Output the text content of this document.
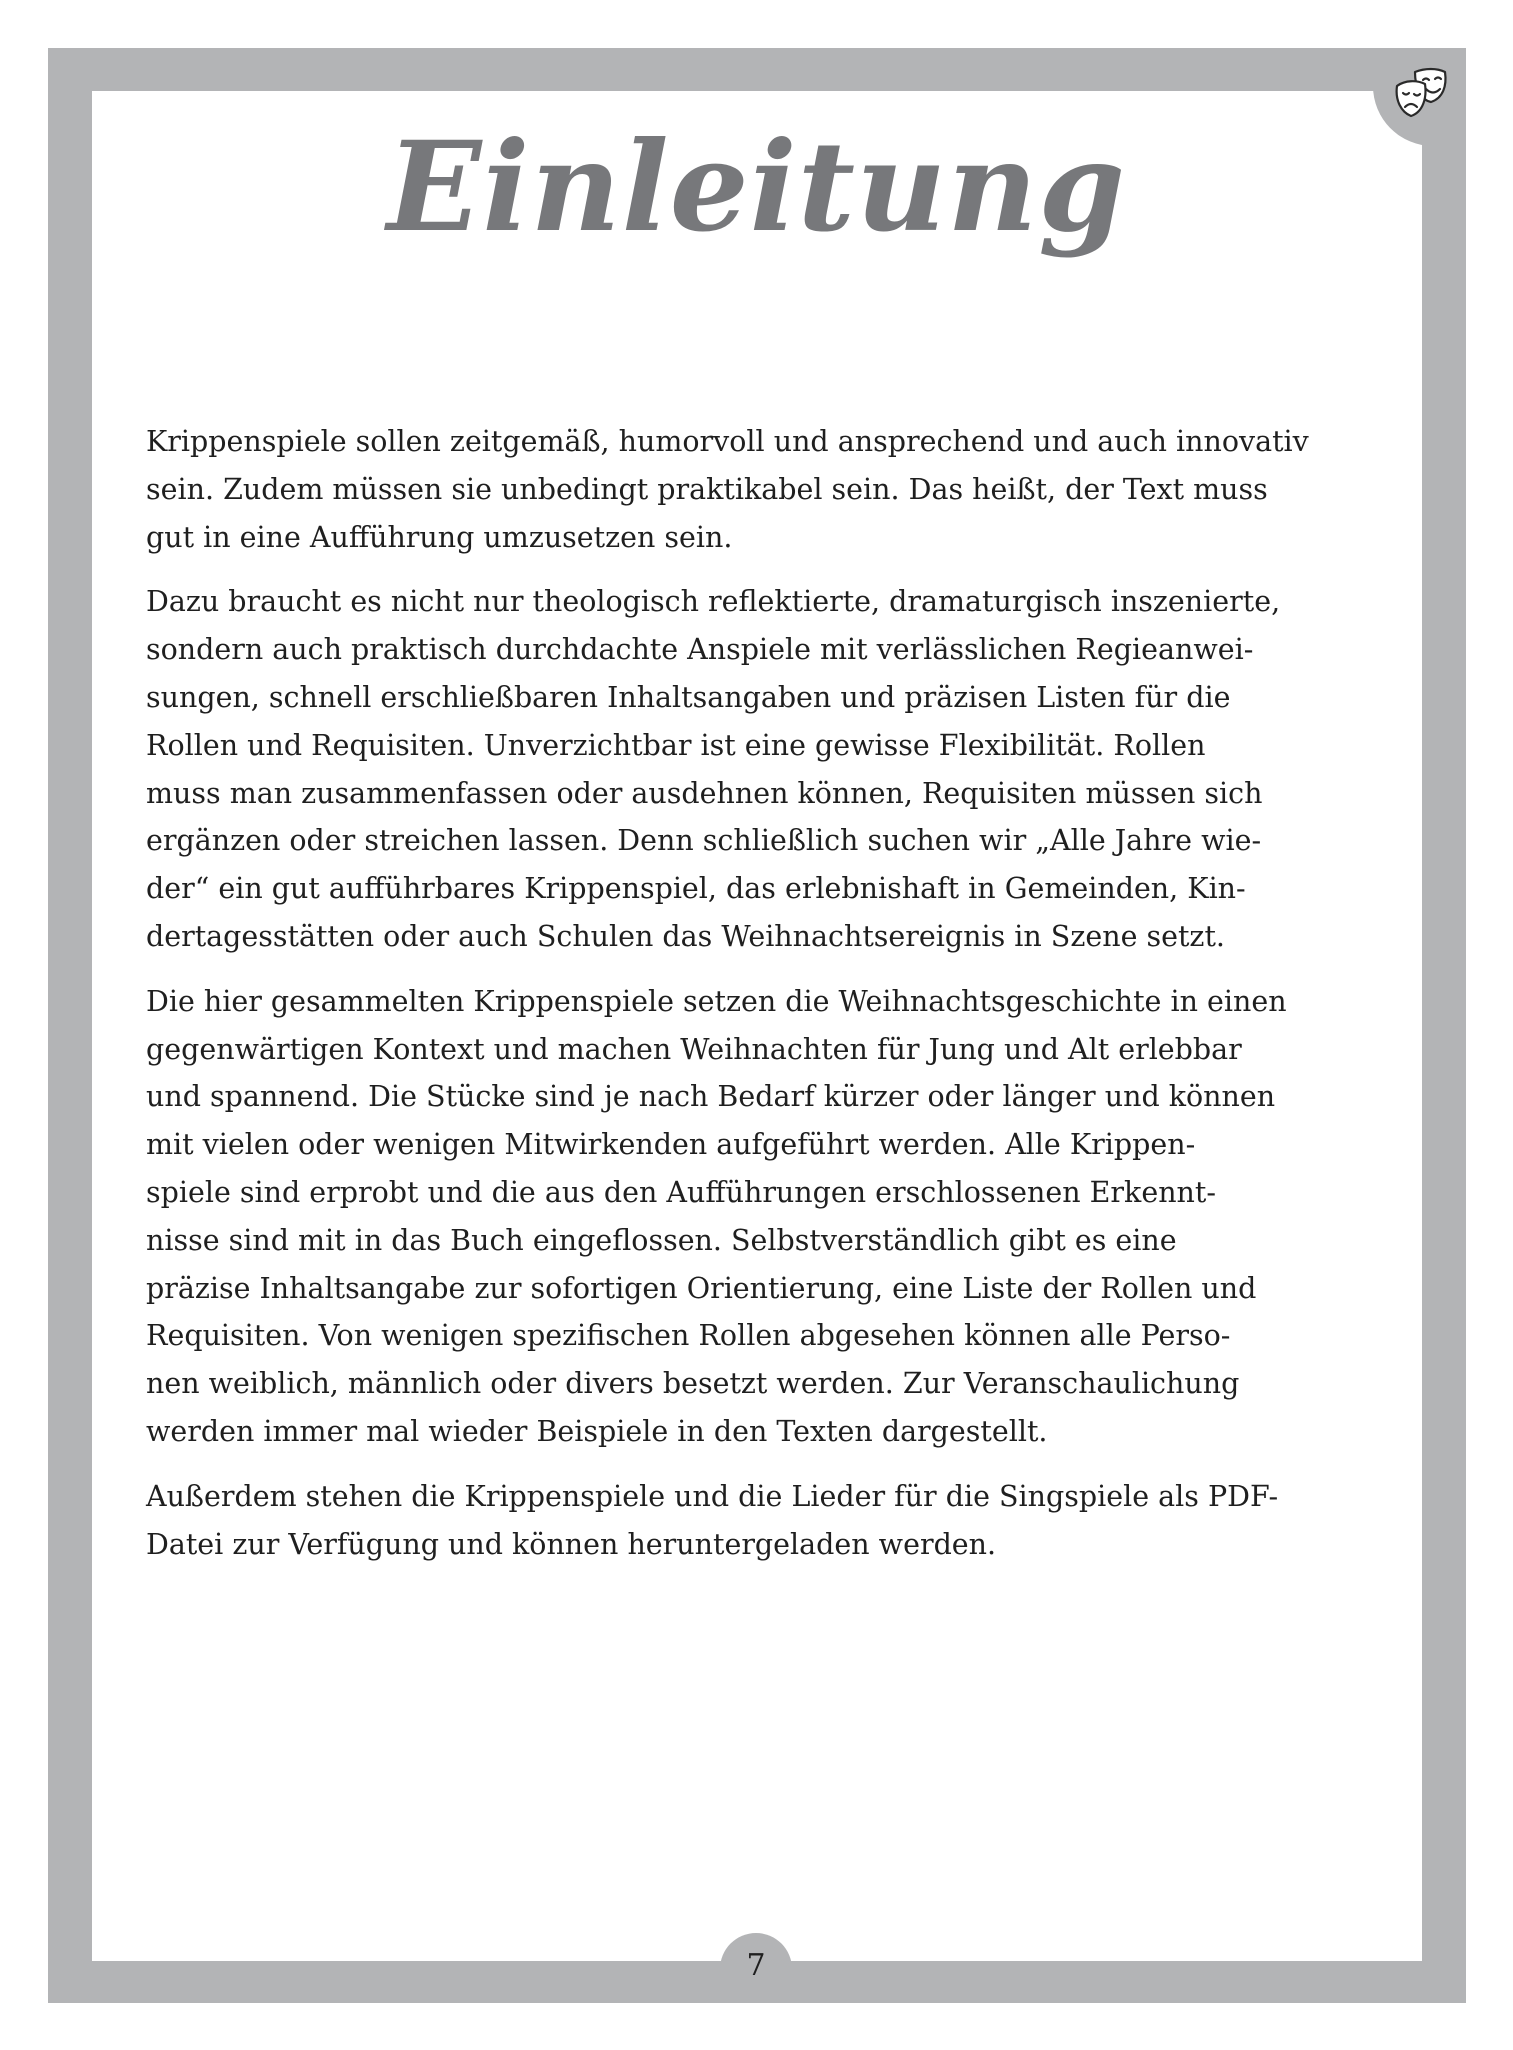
Einleitung

Krippenspiele sollen zeitgemäß, humorvoll und ansprechend und auch innovativ
sein. Zudem müssen sie unbedingt praktikabel sein. Das heißt, der Text muss
gut in eine Aufführung umzusetzen sein.

Dazu braucht es nicht nur theologisch reflektierte, dramaturgisch inszenierte,
sondern auch praktisch durchdachte Anspiele mit verlässlichen Regieanwei-
sungen, schnell erschließbaren Inhaltsangaben und präzisen Listen für die
Rollen und Requisiten. Unverzichtbar ist eine gewisse Flexibilität. Rollen
muss man zusammenfassen oder ausdehnen können, Requisiten müssen sich
ergänzen oder streichen lassen. Denn schließlich suchen wir „Alle Jahre wie-
der“ ein gut aufführbares Krippenspiel, das erlebnishaft in Gemeinden, Kin-
dertagesstätten oder auch Schulen das Weihnachtsereignis in Szene setzt.

Die hier gesammelten Krippenspiele setzen die Weihnachtsgeschichte in einen
gegenwärtigen Kontext und machen Weihnachten für Jung und Alt erlebbar
und spannend. Die Stücke sind je nach Bedarf kürzer oder länger und können
mit vielen oder wenigen Mitwirkenden aufgeführt werden. Alle Krippen-
spiele sind erprobt und die aus den Aufführungen erschlossenen Erkennt-
nisse sind mit in das Buch eingeflossen. Selbstverständlich gibt es eine
präzise Inhaltsangabe zur sofortigen Orientierung, eine Liste der Rollen und
Requisiten. Von wenigen spezifischen Rollen abgesehen können alle Perso-
nen weiblich, männlich oder divers besetzt werden. Zur Veranschaulichung
werden immer mal wieder Beispiele in den Texten dargestellt.

Außerdem stehen die Krippenspiele und die Lieder für die Singspiele als PDF-
Datei zur Verfügung und können heruntergeladen werden.

7
